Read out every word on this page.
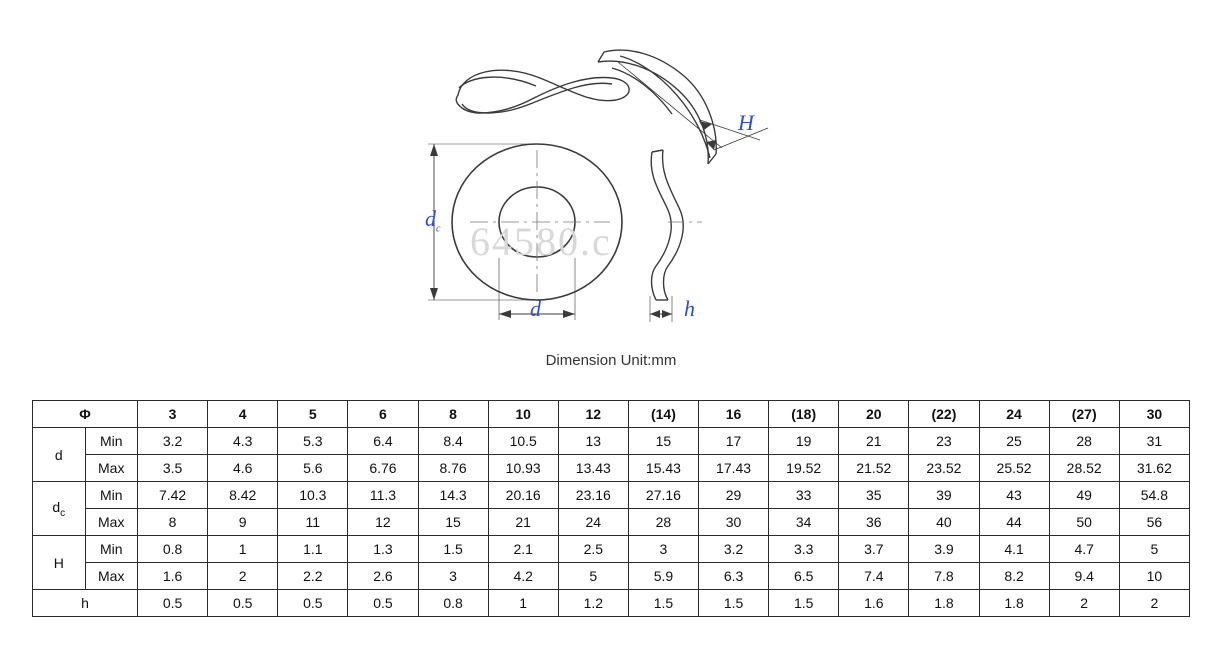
$d_c$
d
H
h
64580.c
Dimension Unit:mm
Φ		3	4	5	6	8	10	12	(14)	16	(18)	20	(22)	24	(27)	30
d	Min	3.2	4.3	5.3	6.4	8.4	10.5	13	15	17	19	21	23	25	28	31
	Max	3.5	4.6	5.6	6.76	8.76	10.93	13.43	15.43	17.43	19.52	21.52	23.52	25.52	28.52	31.62
$d_c$	Min	7.42	8.42	10.3	11.3	14.3	20.16	23.16	27.16	29	33	35	39	43	49	54.8
	Max	8	9	11	12	15	21	24	28	30	34	36	40	44	50	56
H	Min	0.8	1	1.1	1.3	1.5	2.1	2.5	3	3.2	3.3	3.7	3.9	4.1	4.7	5
	Max	1.6	2	2.2	2.6	3	4.2	5	5.9	6.3	6.5	7.4	7.8	8.2	9.4	10
h		0.5	0.5	0.5	0.5	0.8	1	1.2	1.5	1.5	1.5	1.6	1.8	1.8	2	2
